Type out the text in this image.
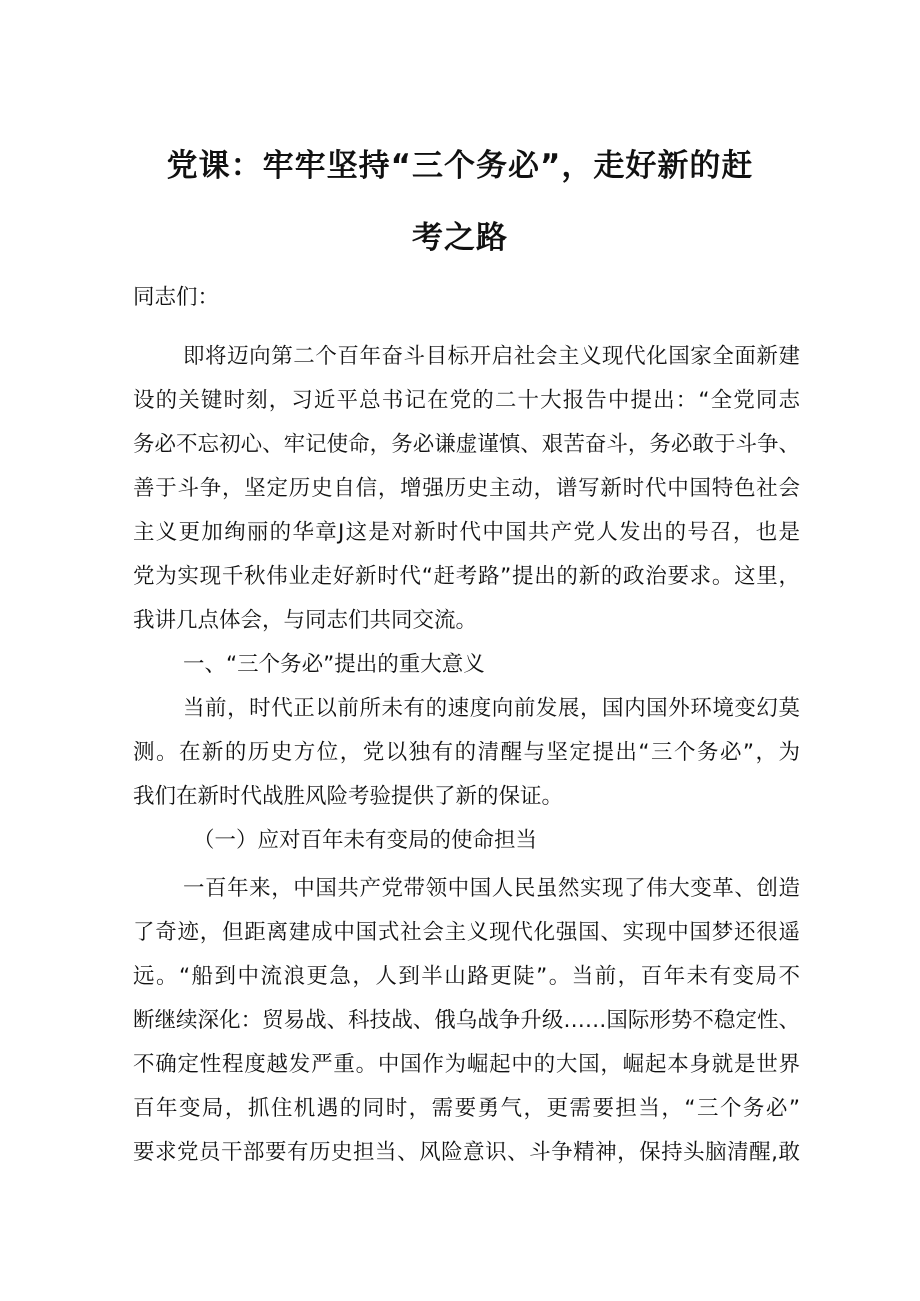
党课：牢牢坚持“三个务必”，走好新的赶
考之路
同志们：
即将迈向第二个百年奋斗目标开启社会主义现代化国家全面新建
设的关键时刻，习近平总书记在党的二十大报告中提出：“全党同志
务必不忘初心、牢记使命，务必谦虚谨慎、艰苦奋斗，务必敢于斗争、
善于斗争，坚定历史自信，增强历史主动，谱写新时代中国特色社会
主义更加绚丽的华章J这是对新时代中国共产党人发出的号召，也是
党为实现千秋伟业走好新时代“赶考路”提出的新的政治要求。这里，
我讲几点体会，与同志们共同交流。
一、“三个务必”提出的重大意义
当前，时代正以前所未有的速度向前发展，国内国外环境变幻莫
测。在新的历史方位，党以独有的清醒与坚定提出“三个务必”，为
我们在新时代战胜风险考验提供了新的保证。
（一）应对百年未有变局的使命担当
一百年来，中国共产党带领中国人民虽然实现了伟大变革、创造
了奇迹，但距离建成中国式社会主义现代化强国、实现中国梦还很遥
远。“船到中流浪更急，人到半山路更陡”。当前，百年未有变局不
断继续深化：贸易战、科技战、俄乌战争升级……国际形势不稳定性、
不确定性程度越发严重。中国作为崛起中的大国，崛起本身就是世界
百年变局，抓住机遇的同时，需要勇气，更需要担当，“三个务必”
要求党员干部要有历史担当、风险意识、斗争精神，保持头脑清醒,敢
